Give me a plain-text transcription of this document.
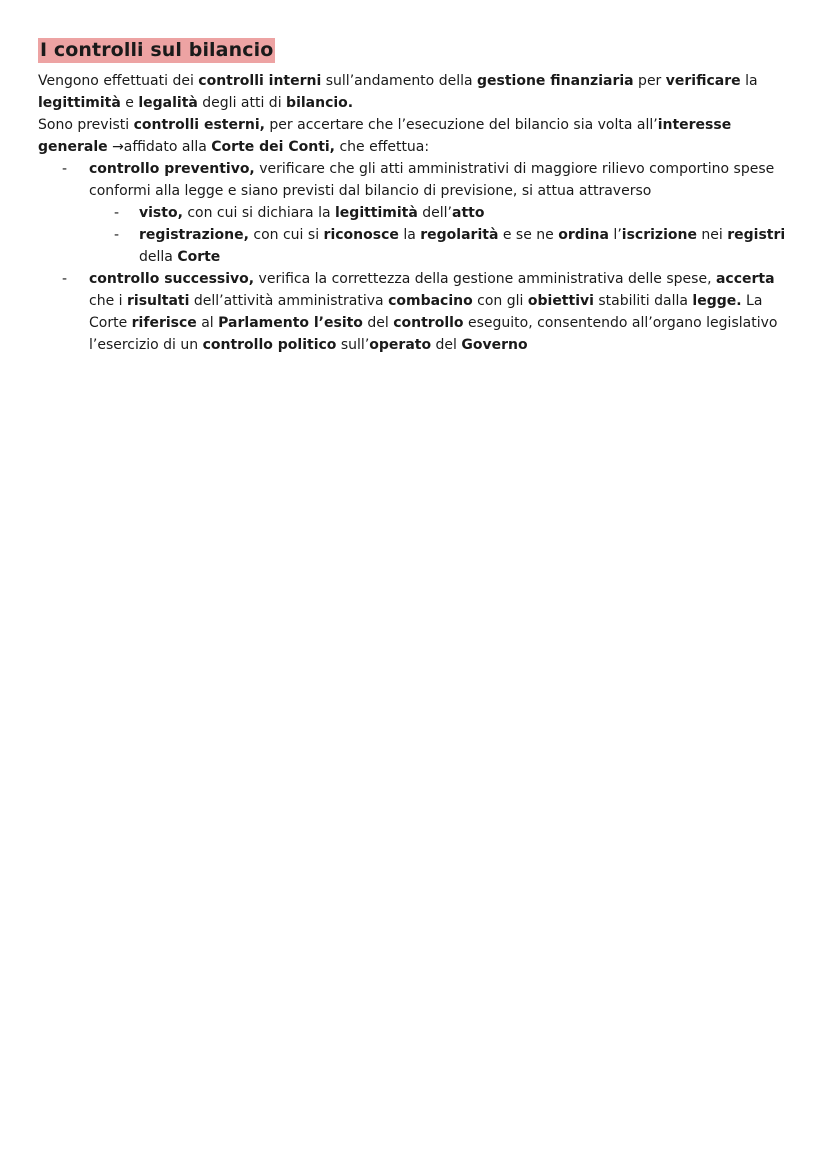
I controlli sul bilancio

Vengono effettuati dei controlli interni sull’andamento della gestione finanziaria per verificare la legittimità e legalità degli atti di bilancio.

Sono previsti controlli esterni, per accertare che l’esecuzione del bilancio sia volta all’interesse generale →affidato alla Corte dei Conti, che effettua:

- controllo preventivo, verificare che gli atti amministrativi di maggiore rilievo comportino spese conformi alla legge e siano previsti dal bilancio di previsione, si attua attraverso
- visto, con cui si dichiara la legittimità dell’atto
- registrazione, con cui si riconosce la regolarità e se ne ordina l’iscrizione nei registri della Corte
- controllo successivo, verifica la correttezza della gestione amministrativa delle spese, accerta che i risultati dell’attività amministrativa combacino con gli obiettivi stabiliti dalla legge. La Corte riferisce al Parlamento l’esito del controllo eseguito, consentendo all’organo legislativo l’esercizio di un controllo politico sull’operato del Governo
